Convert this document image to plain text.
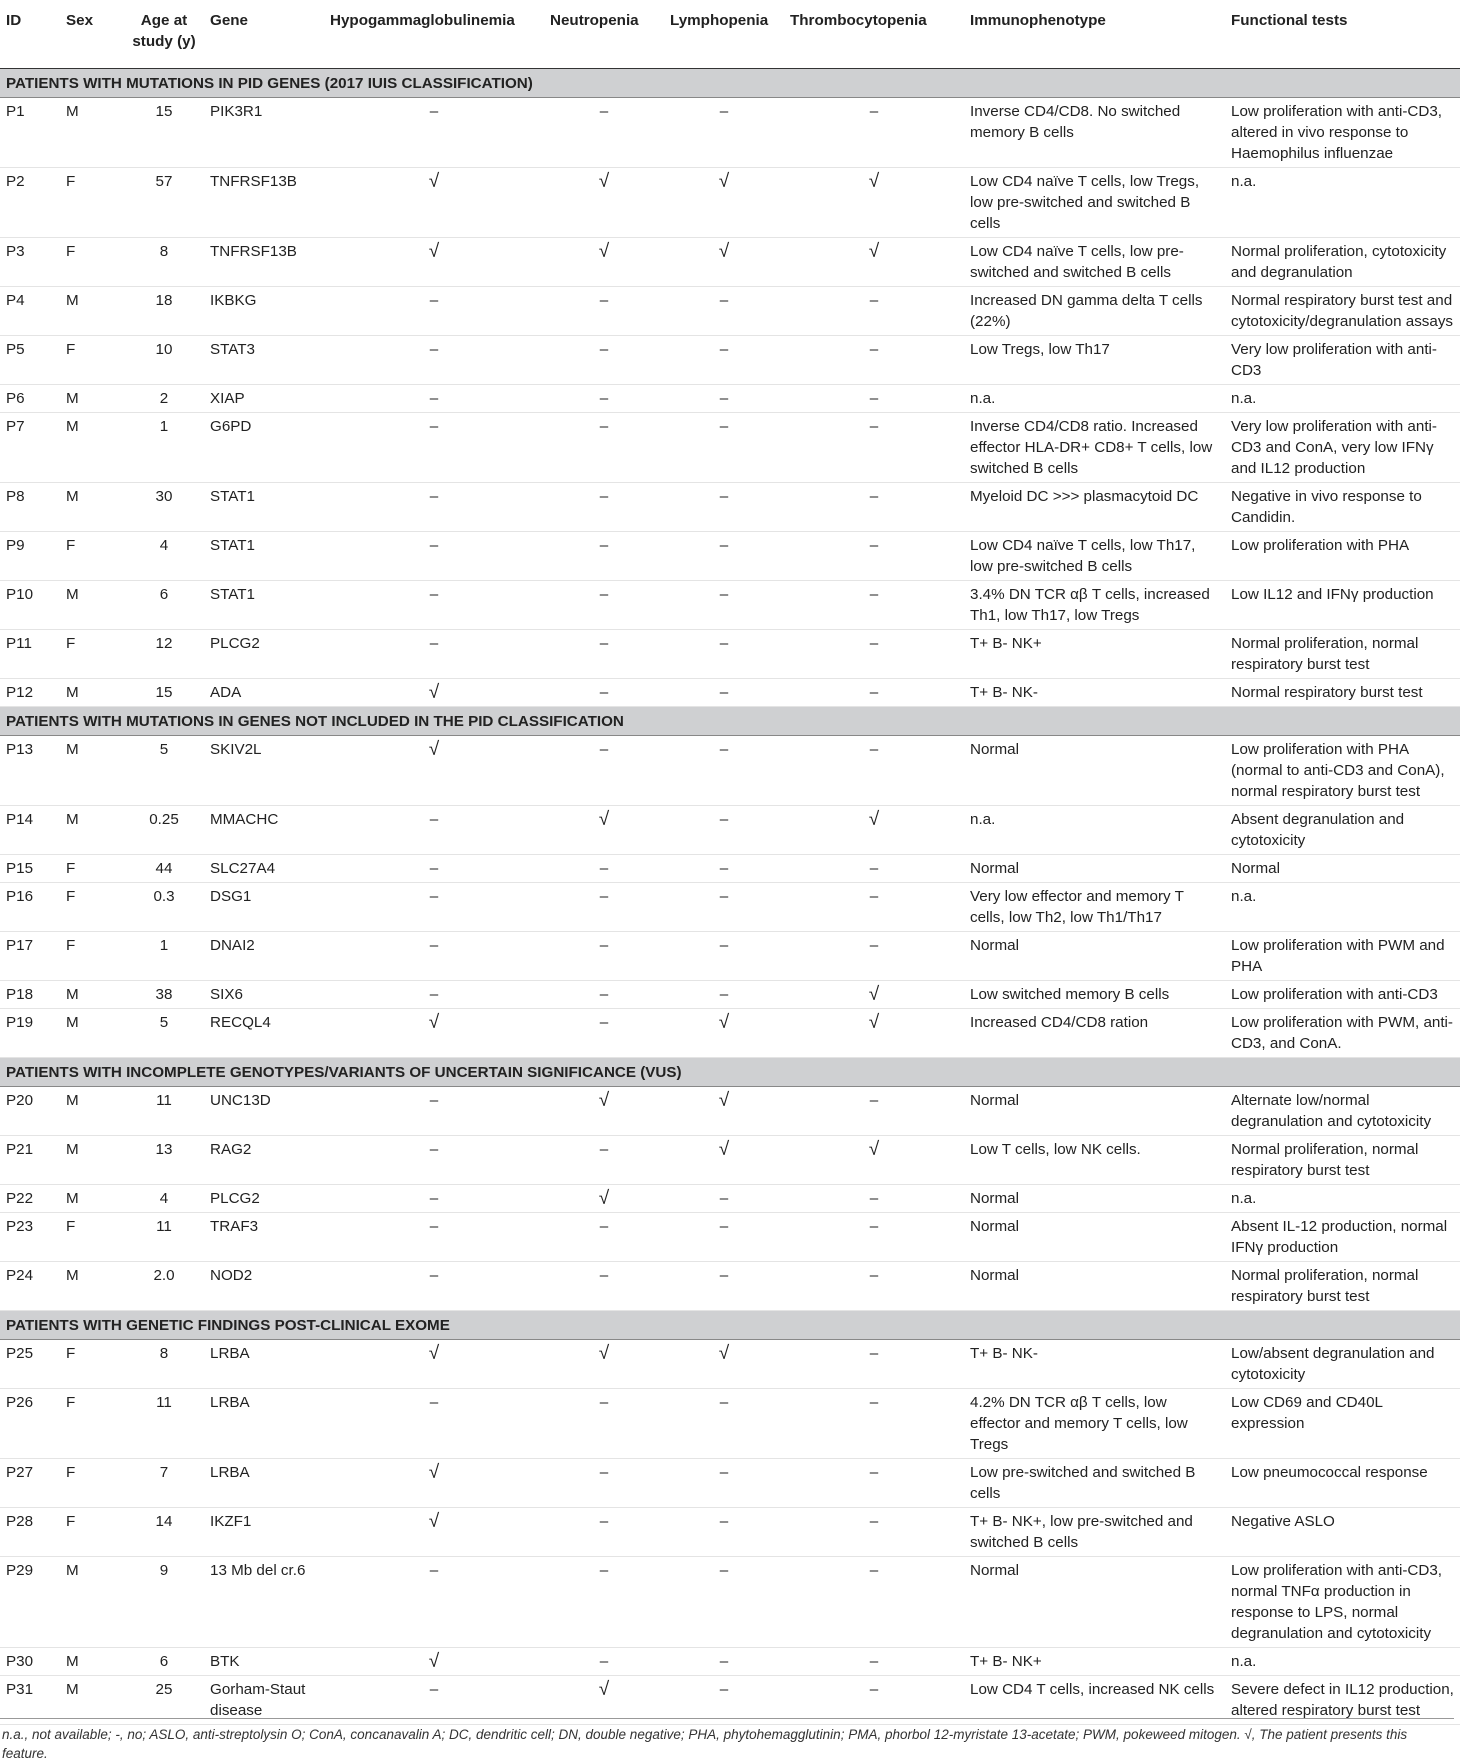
ID	Sex	Age at study (y)	Gene	Hypogammaglobulinemia	Neutropenia	Lymphopenia	Thrombocytopenia	Immunophenotype	Functional tests
PATIENTS WITH MUTATIONS IN PID GENES (2017 IUIS CLASSIFICATION)									
P1	M	15	PIK3R1	–	–	–	–	Inverse CD4/CD8. No switched memory B cells	Low proliferation with anti-CD3, altered in vivo response to Haemophilus influenzae
P2	F	57	TNFRSF13B	√	√	√	√	Low CD4 naïve T cells, low Tregs, low pre-switched and switched B cells	n.a.
P3	F	8	TNFRSF13B	√	√	√	√	Low CD4 naïve T cells, low pre-switched and switched B cells	Normal proliferation, cytotoxicity and degranulation
P4	M	18	IKBKG	–	–	–	–	Increased DN gamma delta T cells (22%)	Normal respiratory burst test and cytotoxicity/degranulation assays
P5	F	10	STAT3	–	–	–	–	Low Tregs, low Th17	Very low proliferation with anti-CD3
P6	M	2	XIAP	–	–	–	–	n.a.	n.a.
P7	M	1	G6PD	–	–	–	–	Inverse CD4/CD8 ratio. Increased effector HLA-DR+ CD8+ T cells, low switched B cells	Very low proliferation with anti-CD3 and ConA, very low IFNγ and IL12 production
P8	M	30	STAT1	–	–	–	–	Myeloid DC >>> plasmacytoid DC	Negative in vivo response to Candidin.
P9	F	4	STAT1	–	–	–	–	Low CD4 naïve T cells, low Th17, low pre-switched B cells	Low proliferation with PHA
P10	M	6	STAT1	–	–	–	–	3.4% DN TCR αβ T cells, increased Th1, low Th17, low Tregs	Low IL12 and IFNγ production
P11	F	12	PLCG2	–	–	–	–	T+ B- NK+	Normal proliferation, normal respiratory burst test
P12	M	15	ADA	√	–	–	–	T+ B- NK-	Normal respiratory burst test
PATIENTS WITH MUTATIONS IN GENES NOT INCLUDED IN THE PID CLASSIFICATION									
P13	M	5	SKIV2L	√	–	–	–	Normal	Low proliferation with PHA (normal to anti-CD3 and ConA), normal respiratory burst test
P14	M	0.25	MMACHC	–	√	–	√	n.a.	Absent degranulation and cytotoxicity
P15	F	44	SLC27A4	–	–	–	–	Normal	Normal
P16	F	0.3	DSG1	–	–	–	–	Very low effector and memory T cells, low Th2, low Th1/Th17	n.a.
P17	F	1	DNAI2	–	–	–	–	Normal	Low proliferation with PWM and PHA
P18	M	38	SIX6	–	–	–	√	Low switched memory B cells	Low proliferation with anti-CD3
P19	M	5	RECQL4	√	–	√	√	Increased CD4/CD8 ration	Low proliferation with PWM, anti-CD3, and ConA.
PATIENTS WITH INCOMPLETE GENOTYPES/VARIANTS OF UNCERTAIN SIGNIFICANCE (VUS)									
P20	M	11	UNC13D	–	√	√	–	Normal	Alternate low/normal degranulation and cytotoxicity
P21	M	13	RAG2	–	–	√	√	Low T cells, low NK cells.	Normal proliferation, normal respiratory burst test
P22	M	4	PLCG2	–	√	–	–	Normal	n.a.
P23	F	11	TRAF3	–	–	–	–	Normal	Absent IL-12 production, normal IFNγ production
P24	M	2.0	NOD2	–	–	–	–	Normal	Normal proliferation, normal respiratory burst test
PATIENTS WITH GENETIC FINDINGS POST-CLINICAL EXOME									
P25	F	8	LRBA	√	√	√	–	T+ B- NK-	Low/absent degranulation and cytotoxicity
P26	F	11	LRBA	–	–	–	–	4.2% DN TCR αβ T cells, low effector and memory T cells, low Tregs	Low CD69 and CD40L expression
P27	F	7	LRBA	√	–	–	–	Low pre-switched and switched B cells	Low pneumococcal response
P28	F	14	IKZF1	√	–	–	–	T+ B- NK+, low pre-switched and switched B cells	Negative ASLO
P29	M	9	13 Mb del cr.6	–	–	–	–	Normal	Low proliferation with anti-CD3, normal TNFα production in response to LPS, normal degranulation and cytotoxicity
P30	M	6	BTK	√	–	–	–	T+ B- NK+	n.a.
P31	M	25	Gorham-Staut disease	–	√	–	–	Low CD4 T cells, increased NK cells	Severe defect in IL12 production, altered respiratory burst test
n.a., not available; -, no; ASLO, anti-streptolysin O; ConA, concanavalin A; DC, dendritic cell; DN, double negative; PHA, phytohemagglutinin; PMA, phorbol 12-myristate 13-acetate; PWM, pokeweed mitogen. √, The patient presents this feature.
